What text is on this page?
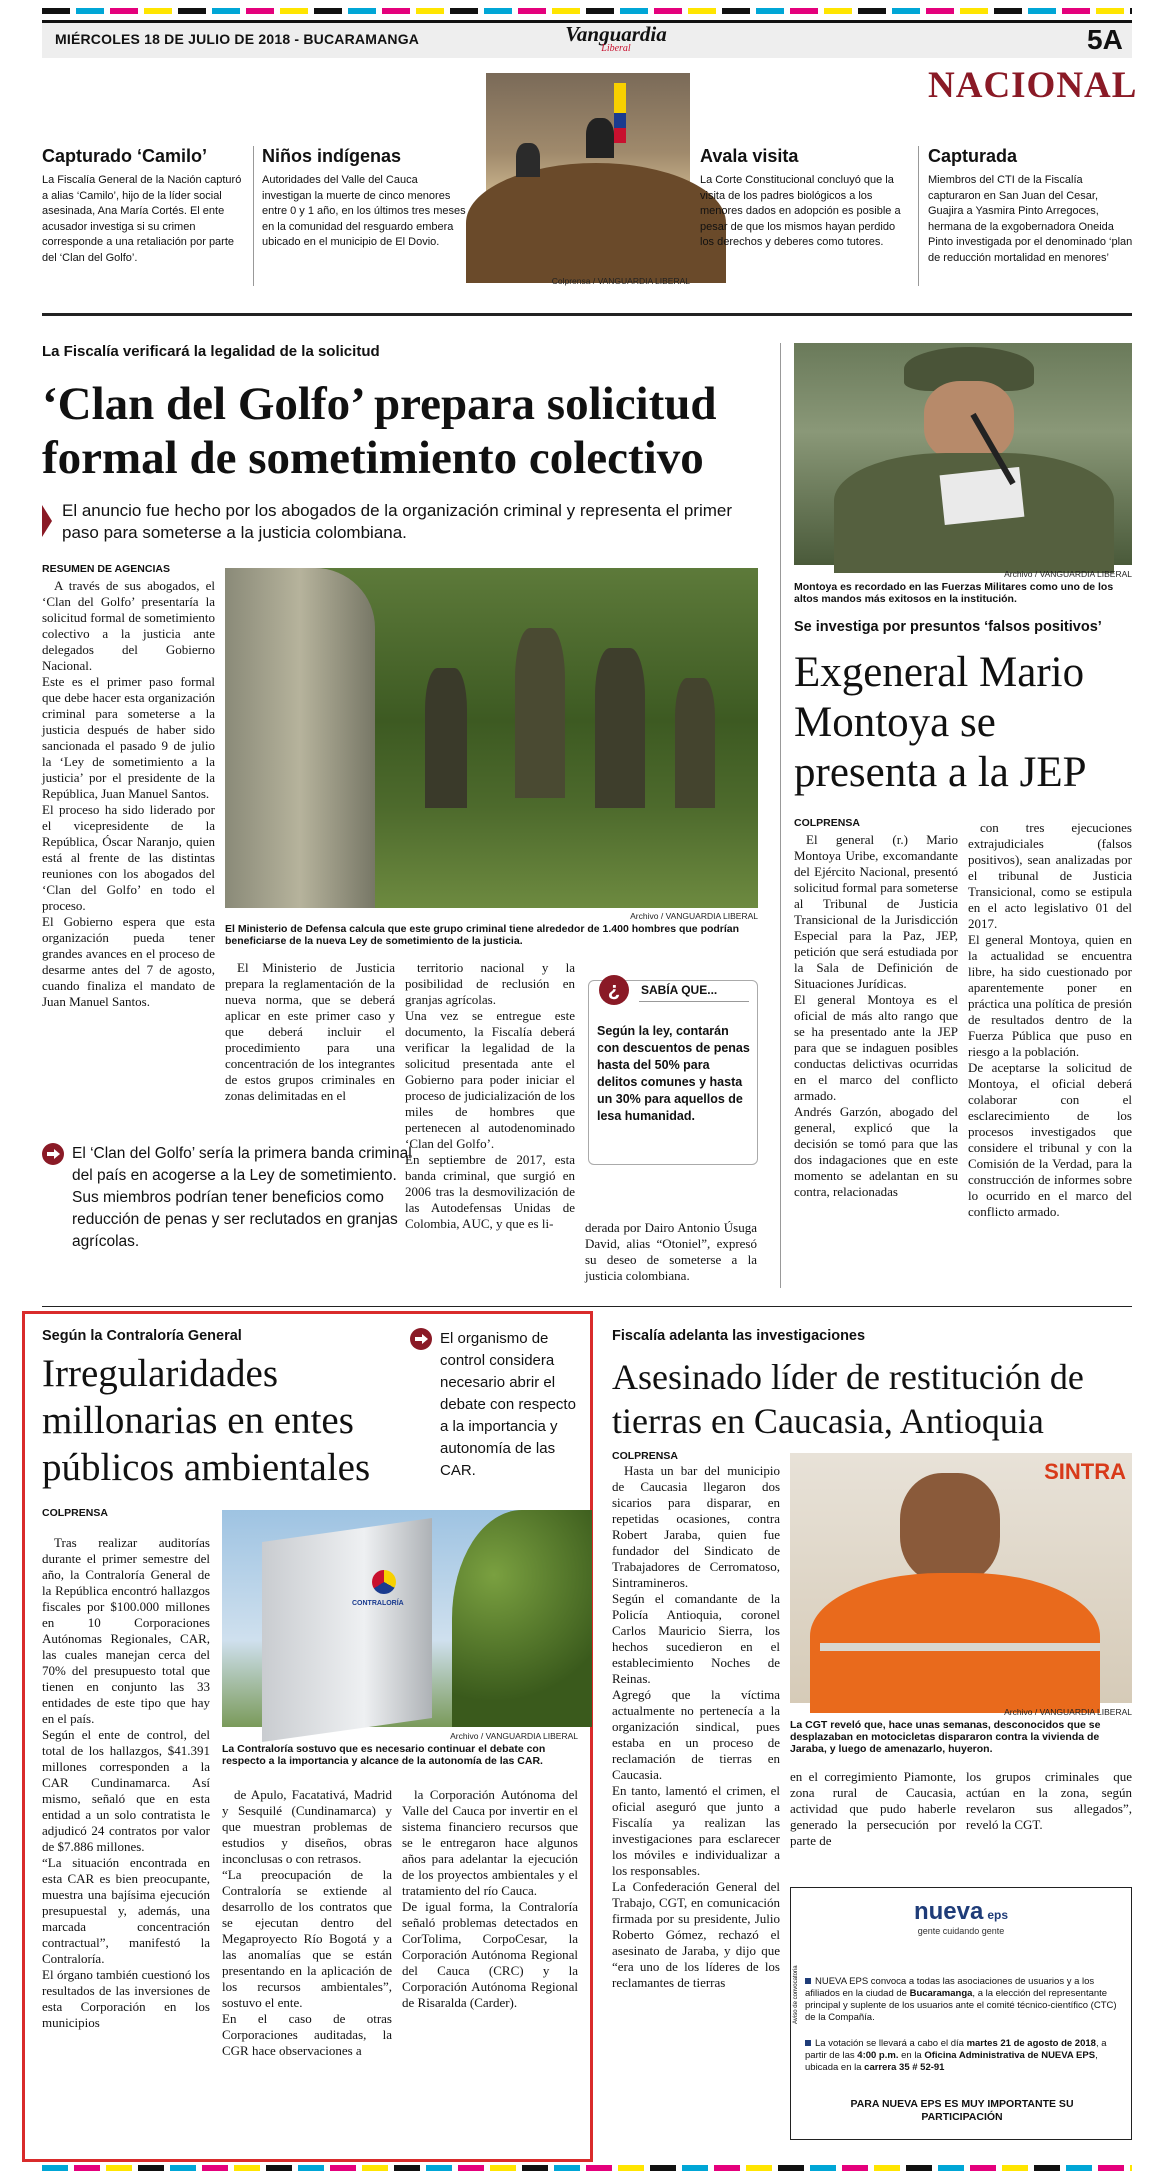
MIÉRCOLES 18 DE JULIO DE 2018 - BUCARAMANGA	Vanguardia
Liberal	5A
NACIONAL
Capturado ‘Camilo’

La Fiscalía General de la Nación capturó a alias ‘Camilo’, hijo de la líder social asesinada, Ana María Cortés. El ente acusador investiga si su crimen corresponde a una retaliación por parte del ‘Clan del Golfo’.

Niños indígenas

Autoridades del Valle del Cauca investigan la muerte de cinco menores entre 0 y 1 año, en los últimos tres meses en la comunidad del resguardo embera ubicado en el municipio de El Dovio.

Colprensa / VANGUARDIA LIBERAL
Avala visita

La Corte Constitucional concluyó que la visita de los padres biológicos a los menores dados en adopción es posible a pesar de que los mismos hayan perdido los derechos y deberes como tutores.

Capturada

Miembros del CTI de la Fiscalía capturaron en San Juan del Cesar, Guajira a Yasmira Pinto Arregoces, hermana de la exgobernadora Oneida Pinto investigada por el denominado ‘plan de reducción mortalidad en menores’

La Fiscalía verificará la legalidad de la solicitud
‘Clan del Golfo’ prepara solicitud formal de sometimiento colectivo
El anuncio fue hecho por los abogados de la organización criminal y representa el primer paso para someterse a la justicia colombiana.
RESUMEN DE AGENCIAS
A través de sus abogados, el ‘Clan del Golfo’ presentaría la solicitud formal de sometimiento colectivo a la justicia ante delegados del Gobierno Nacional.
Este es el primer paso formal que debe hacer esta organización criminal para someterse a la justicia después de haber sido sancionada el pasado 9 de julio la ‘Ley de sometimiento a la justicia’ por el presidente de la República, Juan Manuel Santos.
El proceso ha sido liderado por el vicepresidente de la República, Óscar Naranjo, quien está al frente de las distintas reuniones con los abogados del ‘Clan del Golfo’ en todo el proceso.
El Gobierno espera que esta organización pueda tener grandes avances en el proceso de desarme antes del 7 de agosto, cuando finaliza el mandato de Juan Manuel Santos.
Archivo / VANGUARDIA LIBERAL
El Ministerio de Defensa calcula que este grupo criminal tiene alrededor de 1.400 hombres que podrían beneficiarse de la nueva Ley de sometimiento de la justicia.
El Ministerio de Justicia prepara la reglamentación de la nueva norma, que se deberá aplicar en este primer caso y que deberá incluir el procedimiento para una concentración de los integrantes de estos grupos criminales en zonas delimitadas en el
territorio nacional y la posibilidad de reclusión en granjas agrícolas.
Una vez se entregue este documento, la Fiscalía deberá verificar la legalidad de la solicitud presentada ante el Gobierno para poder iniciar el proceso de judicialización de los miles de hombres que pertenecen al autodenominado ‘Clan del Golfo’.
En septiembre de 2017, esta banda criminal, que surgió en 2006 tras la desmovilización de las Autodefensas Unidas de Colombia, AUC, y que es li-	derada por Dairo Antonio Úsuga David, alias “Otoniel”, expresó su deseo de someterse a la justicia colombiana.
¿	SABÍA QUE...
Según la ley, contarán con descuentos de penas hasta del 50% para delitos comunes y hasta un 30% para aquellos de lesa humanidad.
El ‘Clan del Golfo’ sería la primera banda criminal del país en acogerse a la Ley de sometimiento. Sus miembros podrían tener beneficios como reducción de penas y ser reclutados en granjas agrícolas.
Archivo / VANGUARDIA LIBERAL
Montoya es recordado en las Fuerzas Militares como uno de los altos mandos más exitosos en la institución.
Se investiga por presuntos ‘falsos positivos’
Exgeneral Mario Montoya se presenta a la JEP
COLPRENSA
El general (r.) Mario Montoya Uribe, excomandante del Ejército Nacional, presentó solicitud formal para someterse al Tribunal de Justicia Transicional de la Jurisdicción Especial para la Paz, JEP, petición que será estudiada por la Sala de Definición de Situaciones Jurídicas.
El general Montoya es el oficial de más alto rango que se ha presentado ante la JEP para que se indaguen posibles conductas delictivas ocurridas en el marco del conflicto armado.
Andrés Garzón, abogado del general, explicó que la decisión se tomó para que las dos indagaciones que en este momento se adelantan en su contra, relacionadas
con tres ejecuciones extrajudiciales (falsos positivos), sean analizadas por el tribunal de Justicia Transicional, como se estipula en el acto legislativo 01 del 2017.
El general Montoya, quien en la actualidad se encuentra libre, ha sido cuestionado por aparentemente poner en práctica una política de presión de resultados dentro de la Fuerza Pública que puso en riesgo a la población.
De aceptarse la solicitud de Montoya, el oficial deberá colaborar con el esclarecimiento de los procesos investigados que considere el tribunal y con la Comisión de la Verdad, para la construcción de informes sobre lo ocurrido en el marco del conflicto armado.
Según la Contraloría General
Irregularidades millonarias en entes públicos ambientales
El organismo de control considera necesario abrir el debate con respecto a la importancia y autonomía de las CAR.
COLPRENSA
Tras realizar auditorías durante el primer semestre del año, la Contraloría General de la República encontró hallazgos fiscales por $100.000 millones en 10 Corporaciones Autónomas Regionales, CAR, las cuales manejan cerca del 70% del presupuesto total que tienen en conjunto las 33 entidades de este tipo que hay en el país.
Según el ente de control, del total de los hallazgos, $41.391 millones corresponden a la CAR Cundinamarca. Así mismo, señaló que en esta entidad a un solo contratista le adjudicó 24 contratos por valor de $7.886 millones.
“La situación encontrada en esta CAR es bien preocupante, muestra una bajísima ejecución presupuestal y, además, una marcada concentración contractual”, manifestó la Contraloría.
El órgano también cuestionó los resultados de las inversiones de esta Corporación en los municipios
CONTRALORÍA
Archivo / VANGUARDIA LIBERAL
La Contraloría sostuvo que es necesario continuar el debate con respecto a la importancia y alcance de la autonomía de las CAR.
de Apulo, Facatativá, Madrid y Sesquilé (Cundinamarca) y que muestran problemas de estudios y diseños, obras inconclusas o con retrasos.
“La preocupación de la Contraloría se extiende al desarrollo de los contratos que se ejecutan dentro del Megaproyecto Río Bogotá y a las anomalías que se están presentando en la aplicación de los recursos ambientales”, sostuvo el ente.
En el caso de otras Corporaciones auditadas, la CGR hace observaciones a
la Corporación Autónoma del Valle del Cauca por invertir en el sistema financiero recursos que se le entregaron hace algunos años para adelantar la ejecución de los proyectos ambientales y el tratamiento del río Cauca.
De igual forma, la Contraloría señaló problemas detectados en CorTolima, CorpoCesar, la Corporación Autónoma Regional del Cauca (CRC) y la Corporación Autónoma Regional de Risaralda (Carder).
Fiscalía adelanta las investigaciones
Asesinado líder de restitución de tierras en Caucasia, Antioquia
COLPRENSA
Hasta un bar del municipio de Caucasia llegaron dos sicarios para disparar, en repetidas ocasiones, contra Robert Jaraba, quien fue fundador del Sindicato de Trabajadores de Cerromatoso, Sintramineros.
Según el comandante de la Policía Antioquia, coronel Carlos Mauricio Sierra, los hechos sucedieron en el establecimiento Noches de Reinas.
Agregó que la víctima actualmente no pertenecía a la organización sindical, pues estaba en un proceso de reclamación de tierras en Caucasia.
En tanto, lamentó el crimen, el oficial aseguró que junto a Fiscalía ya realizan las investigaciones para esclarecer los móviles e individualizar a los responsables.
La Confederación General del Trabajo, CGT, en comunicación firmada por su presidente, Julio Roberto Gómez, rechazó el asesinato de Jaraba, y dijo que “era uno de los líderes de los reclamantes de tierras
SINTRA
Archivo / VANGUARDIA LIBERAL
La CGT reveló que, hace unas semanas, desconocidos que se desplazaban en motocicletas dispararon contra la vivienda de Jaraba, y luego de amenazarlo, huyeron.
en el corregimiento Piamonte, zona rural de Caucasia, actividad que pudo haberle generado la persecución por parte de
los grupos criminales que actúan en la zona, según revelaron sus allegados”, reveló la CGT.
nueva eps
gente cuidando gente
Aviso de convocatoria	NUEVA EPS convoca a todas las asociaciones de usuarios y a los afiliados en la ciudad de Bucaramanga, a la elección del representante principal y suplente de los usuarios ante el comité técnico-científico (CTC) de la Compañía.

La votación se llevará a cabo el día martes 21 de agosto de 2018, a partir de las 4:00 p.m. en la Oficina Administrativa de NUEVA EPS, ubicada en la carrera 35 # 52-91

PARA NUEVA EPS ES MUY IMPORTANTE SU PARTICIPACIÓN
